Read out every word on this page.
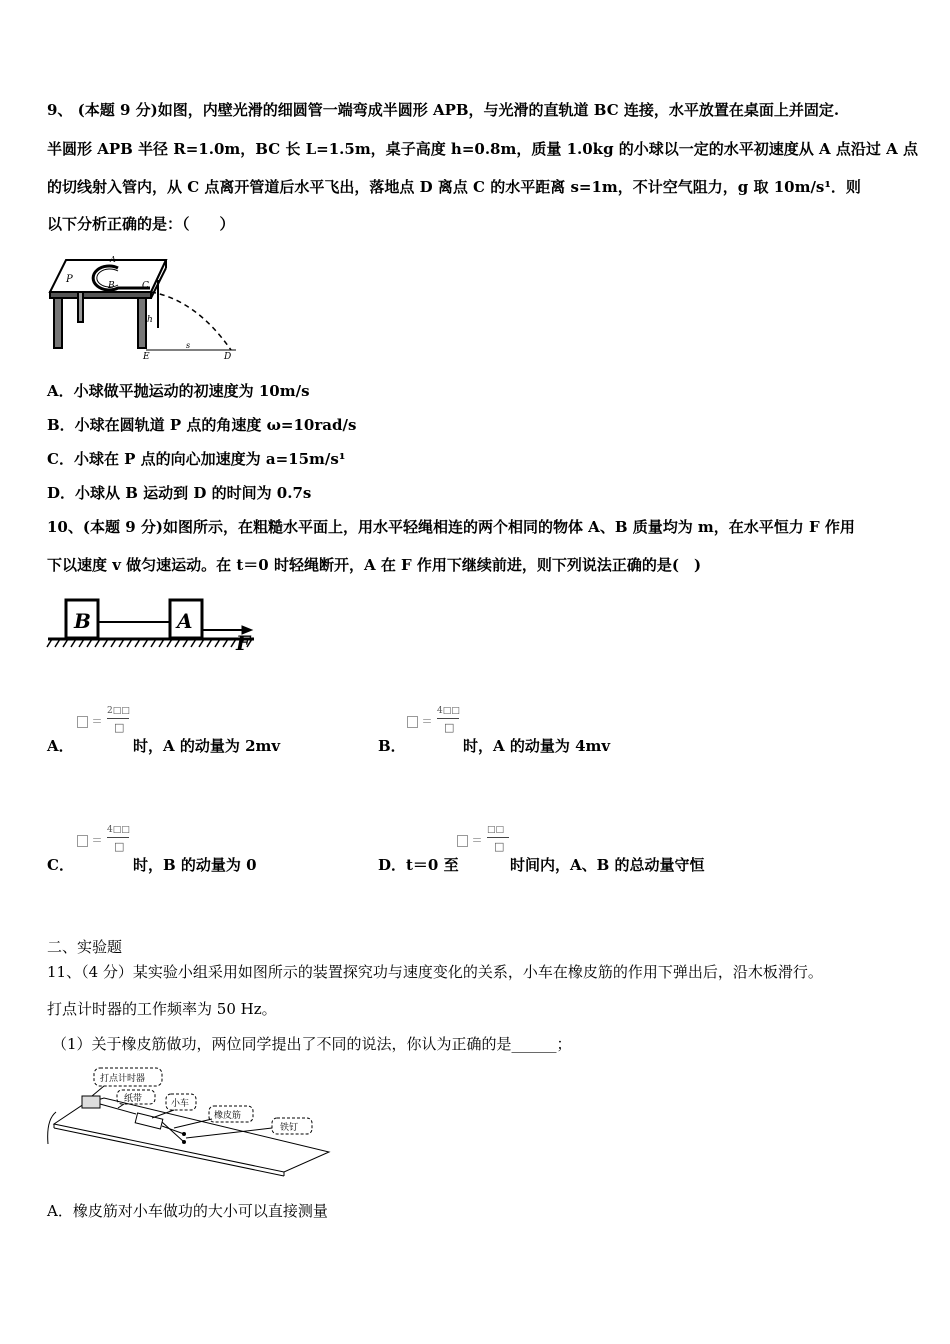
9、 (本题 9 分)如图，内壁光滑的细圆管一端弯成半圆形 APB，与光滑的直轨道 BC 连接，水平放置在桌面上并固定.
半圆形 APB 半径 R=1.0m，BC 长 L=1.5m，桌子高度 h=0.8m，质量 1.0kg 的小球以一定的水平初速度从 A 点沿过 A 点
的切线射入管内，从 C 点离开管道后水平飞出，落地点 D 离点 C 的水平距离 s=1m，不计空气阻力，g 取 10m/s¹．则
以下分析正确的是：（　　）
P
B	C
A
h
E
s
D
A．小球做平抛运动的初速度为 10m/s
B．小球在圆轨道 P 点的角速度 ω=10rad/s
C．小球在 P 点的向心加速度为 a=15m/s¹
D．小球从 B 运动到 D 的时间为 0.7s
10、(本题 9 分)如图所示，在粗糙水平面上，用水平轻绳相连的两个相同的物体 A、B 质量均为 m，在水平恒力 F 作用
下以速度 v 做匀速运动。在 t＝0 时轻绳断开，A 在 F 作用下继续前进，则下列说法正确的是(　)
B	A
F
＝
2□□
□
A．	时，A 的动量为 2mv
＝
4□□
□
B．	时，A 的动量为 4mv
＝
4□□
□
C．	时，B 的动量为 0
＝
□□
□
D．t＝0 至	时间内，A、B 的总动量守恒
二、实验题
11、（4 分）某实验小组采用如图所示的装置探究功与速度变化的关系，小车在橡皮筋的作用下弹出后，沿木板滑行。
打点计时器的工作频率为 50 Hz。
（1）关于橡皮筋做功，两位同学提出了不同的说法，你认为正确的是______；
打点计时器
纸带	小车
橡皮筋
铁钉
A．橡皮筋对小车做功的大小可以直接测量
